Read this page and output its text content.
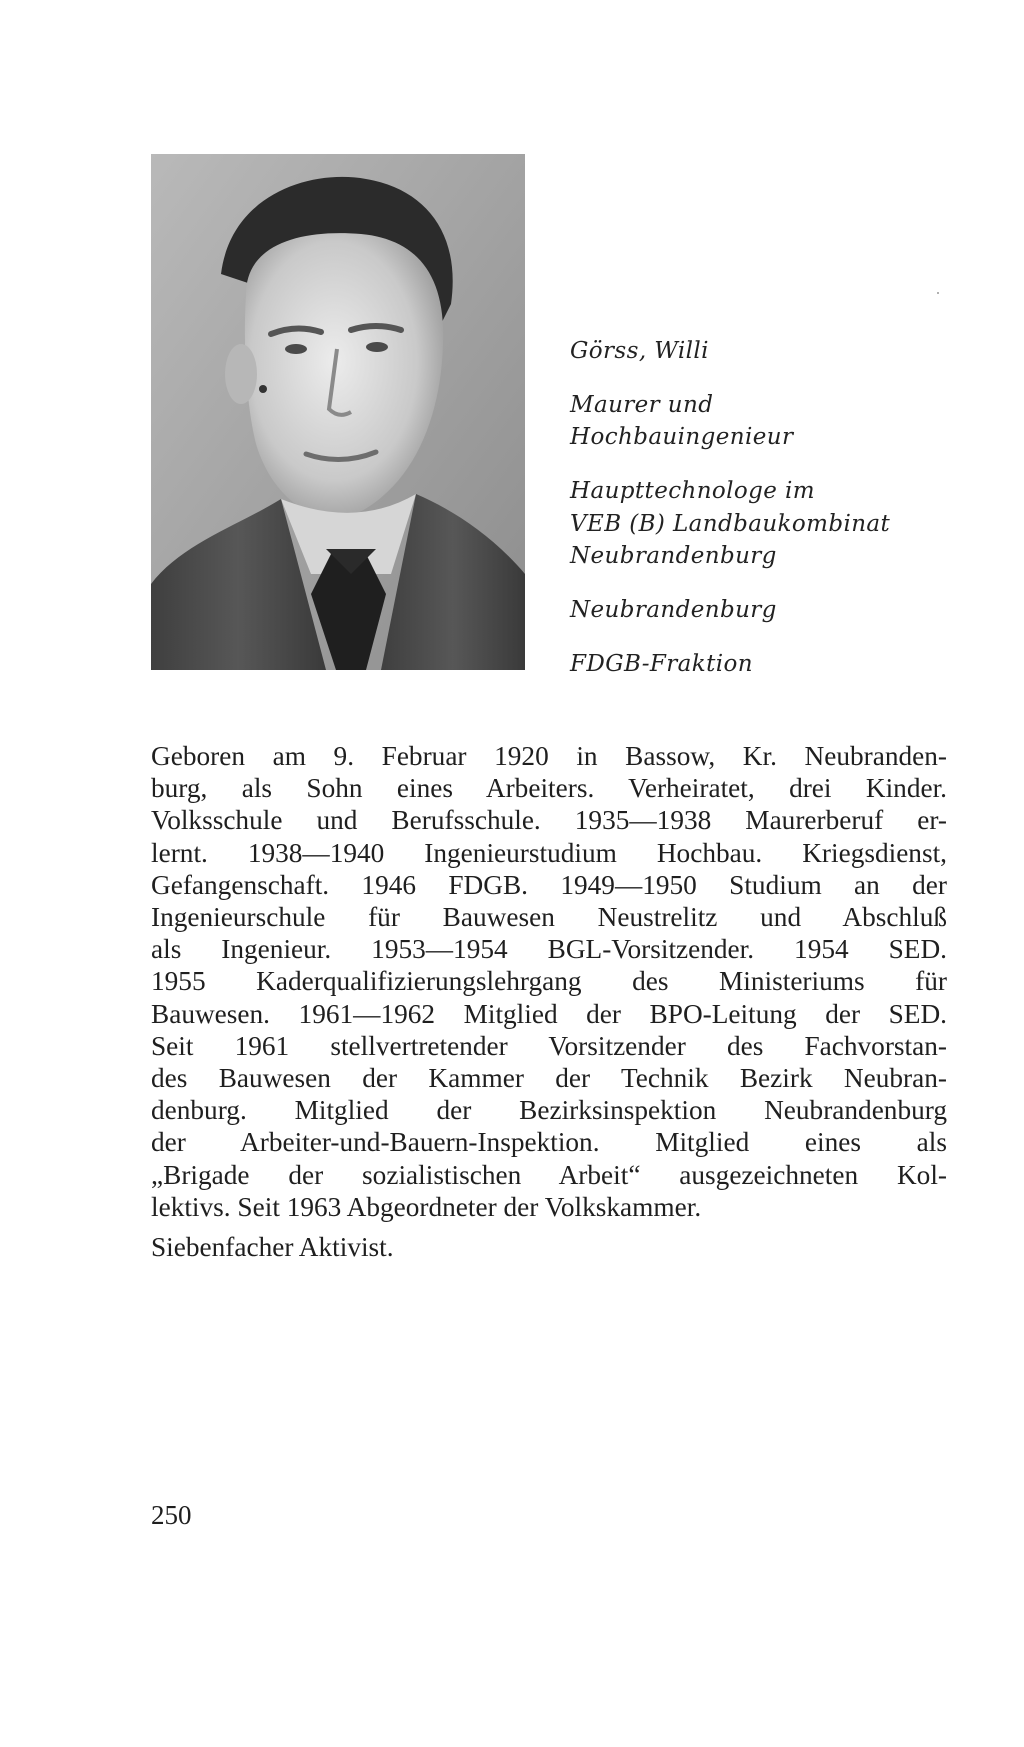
Görss, Willi

Maurer und

Hochbauingenieur

Haupttechnologe im

VEB (B) Landbaukombinat

Neubrandenburg

Neubrandenburg

FDGB-Fraktion

Geboren am 9. Februar 1920 in Bassow, Kr. Neubranden-
burg, als Sohn eines Arbeiters. Verheiratet, drei Kinder.
Volksschule und Berufsschule. 1935—1938 Maurerberuf er-
lernt. 1938—1940 Ingenieurstudium Hochbau. Kriegsdienst,
Gefangenschaft. 1946 FDGB. 1949—1950 Studium an der
Ingenieurschule für Bauwesen Neustrelitz und Abschluß
als Ingenieur. 1953—1954 BGL-Vorsitzender. 1954 SED.
1955 Kaderqualifizierungslehrgang des Ministeriums für
Bauwesen. 1961—1962 Mitglied der BPO-Leitung der SED.
Seit 1961 stellvertretender Vorsitzender des Fachvorstan-
des Bauwesen der Kammer der Technik Bezirk Neubran-
denburg. Mitglied der Bezirksinspektion Neubrandenburg
der Arbeiter-und-Bauern-Inspektion. Mitglied eines als
„Brigade der sozialistischen Arbeit“ ausgezeichneten Kol-
lektivs. Seit 1963 Abgeordneter der Volkskammer.
Siebenfacher Aktivist.
250
